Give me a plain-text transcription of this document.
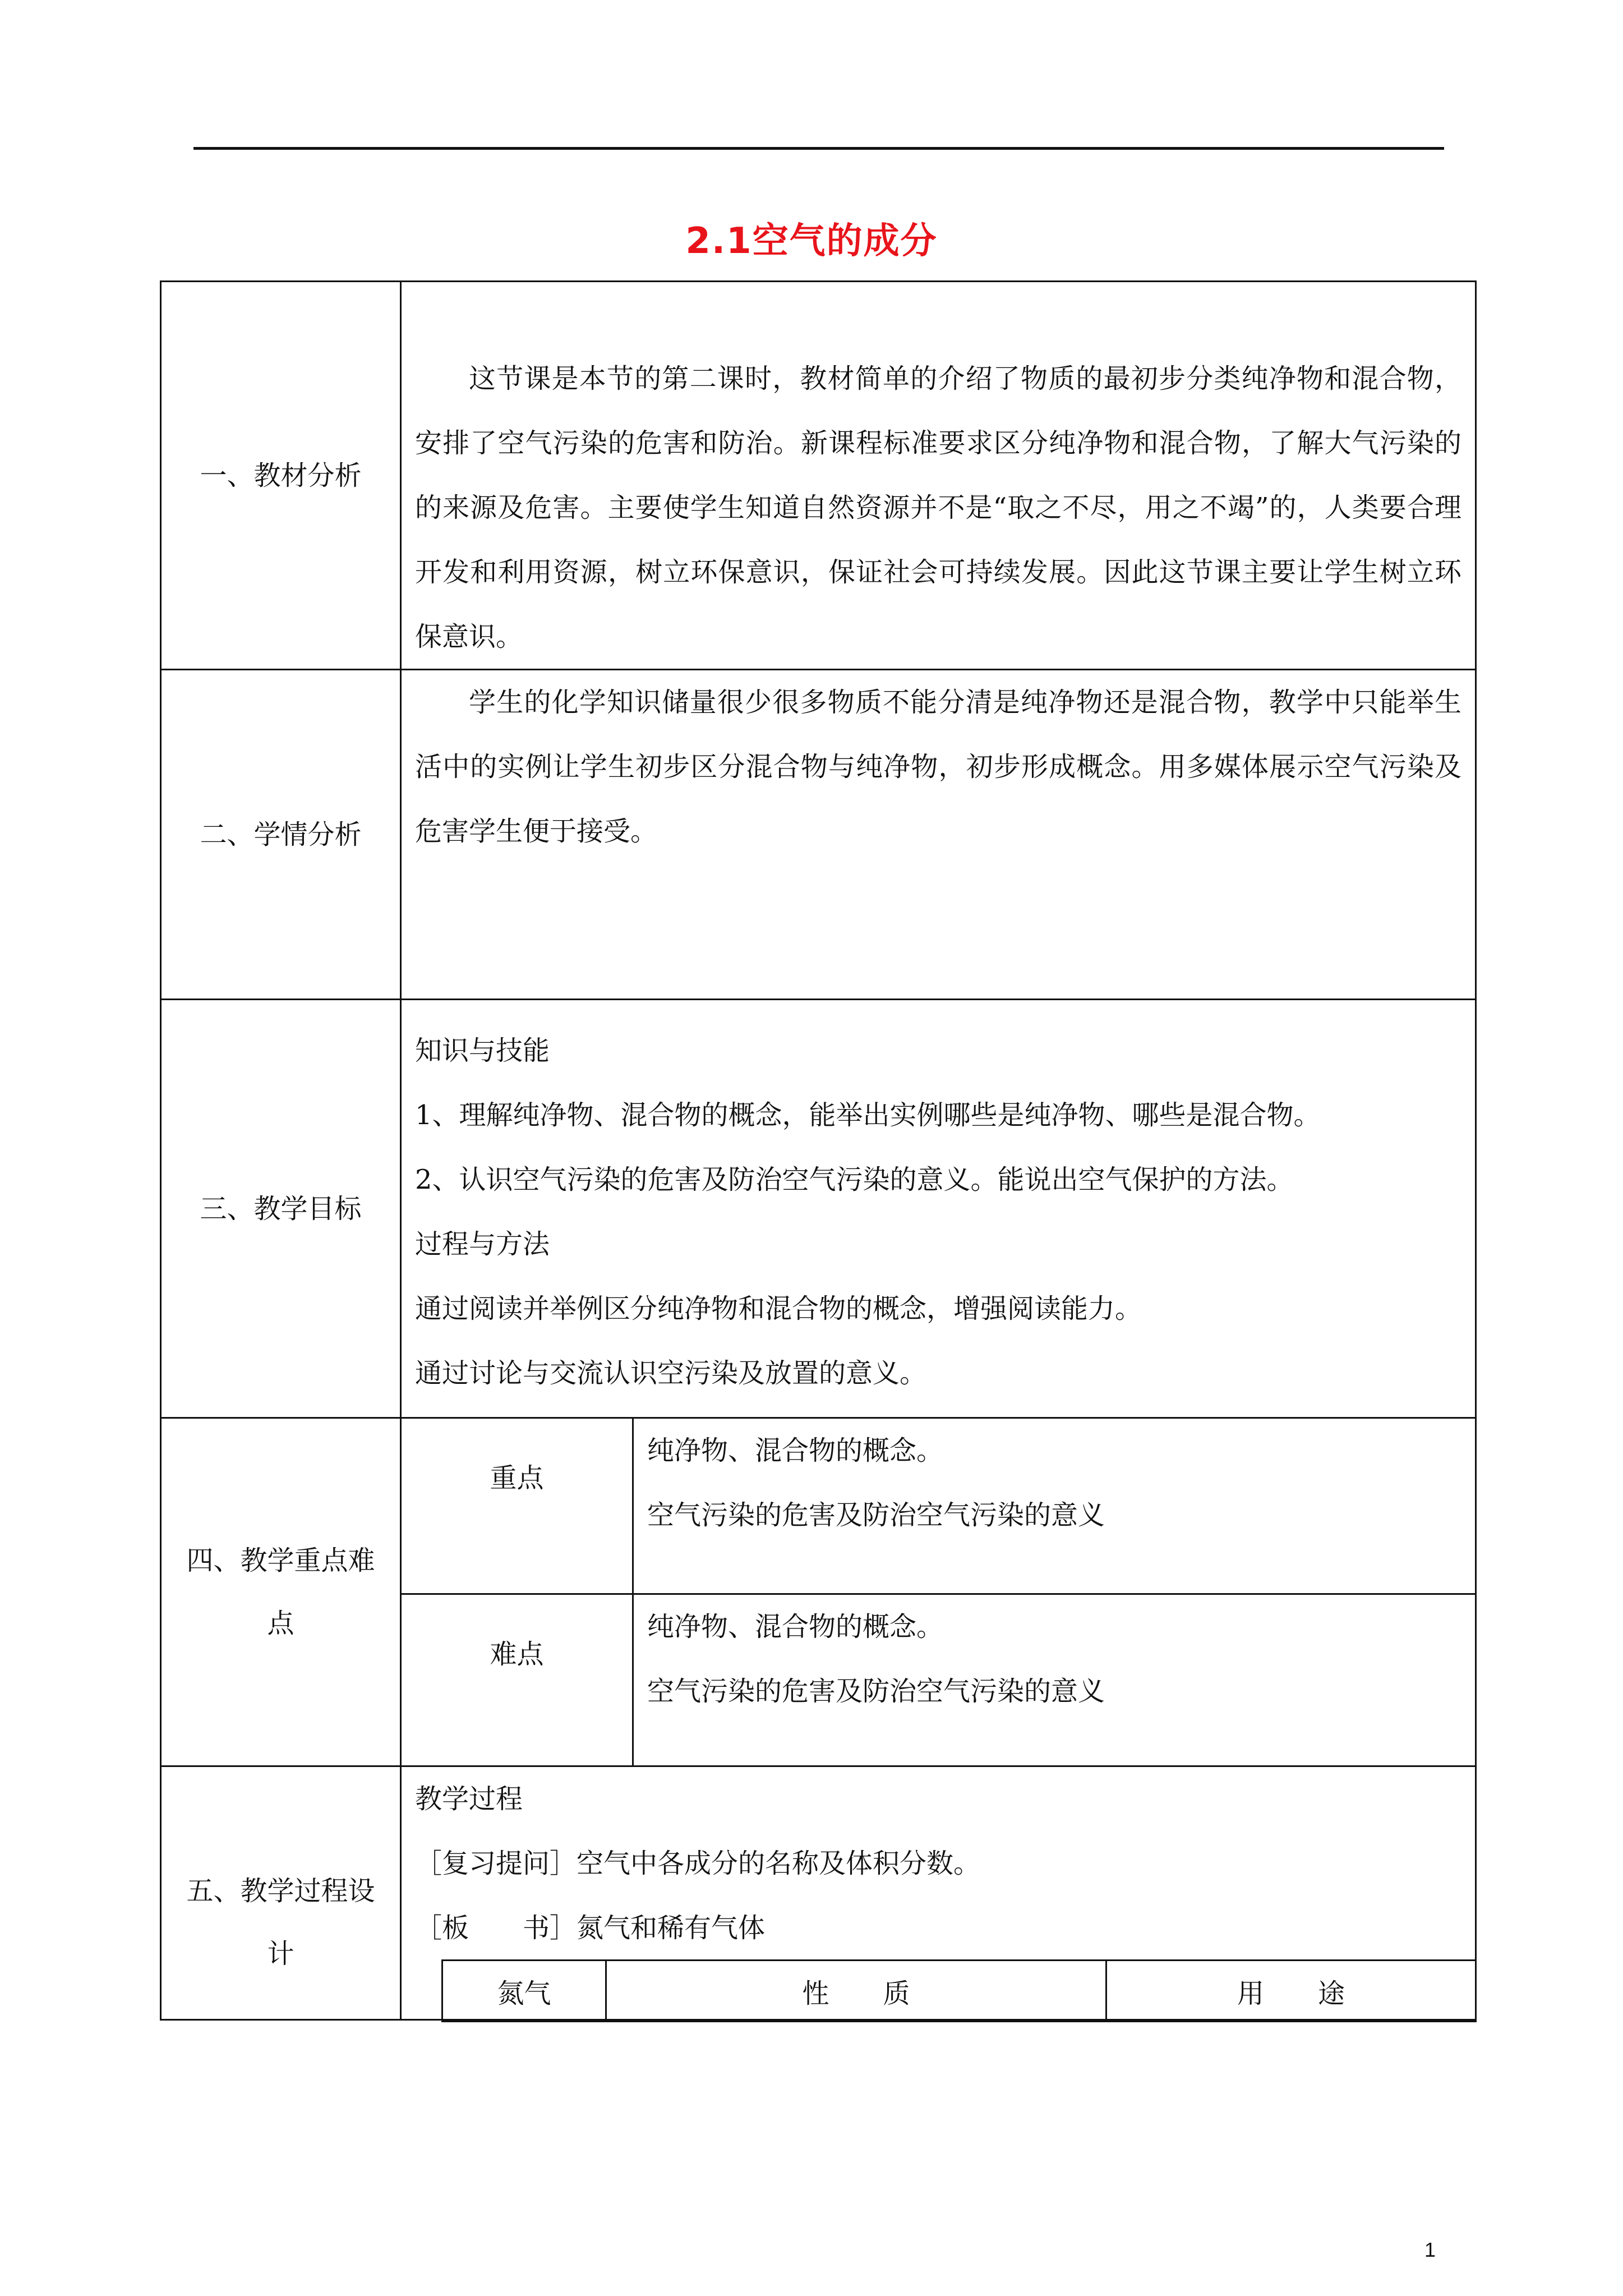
2.1空气的成分
一、教材分析

这节课是本节的第二课时，教材简单的介绍了物质的最初步分类纯净物和混合物，安排了空气污染的危害和防治。新课程标准要求区分纯净物和混合物，了解大气污染的的来源及危害。主要使学生知道自然资源并不是“取之不尽，用之不竭”的，人类要合理开发和利用资源，树立环保意识，保证社会可持续发展。因此这节课主要让学生树立环保意识。

二、学情分析

学生的化学知识储量很少很多物质不能分清是纯净物还是混合物，教学中只能举生活中的实例让学生初步区分混合物与纯净物，初步形成概念。用多媒体展示空气污染及危害学生便于接受。

三、教学目标

知识与技能

1、理解纯净物、混合物的概念，能举出实例哪些是纯净物、哪些是混合物。

2、认识空气污染的危害及防治空气污染的意义。能说出空气保护的方法。

过程与方法

通过阅读并举例区分纯净物和混合物的概念，增强阅读能力。

通过讨论与交流认识空污染及放置的意义。

四、教学重点难
点
重点

纯净物、混合物的概念。

空气污染的危害及防治空气污染的意义

难点

纯净物、混合物的概念。

空气污染的危害及防治空气污染的意义

五、教学过程设
计

教学过程

［复习提问］空气中各成分的名称及体积分数。

［板　　书］氮气和稀有气体

氮气	性　　质	用　　途
1
